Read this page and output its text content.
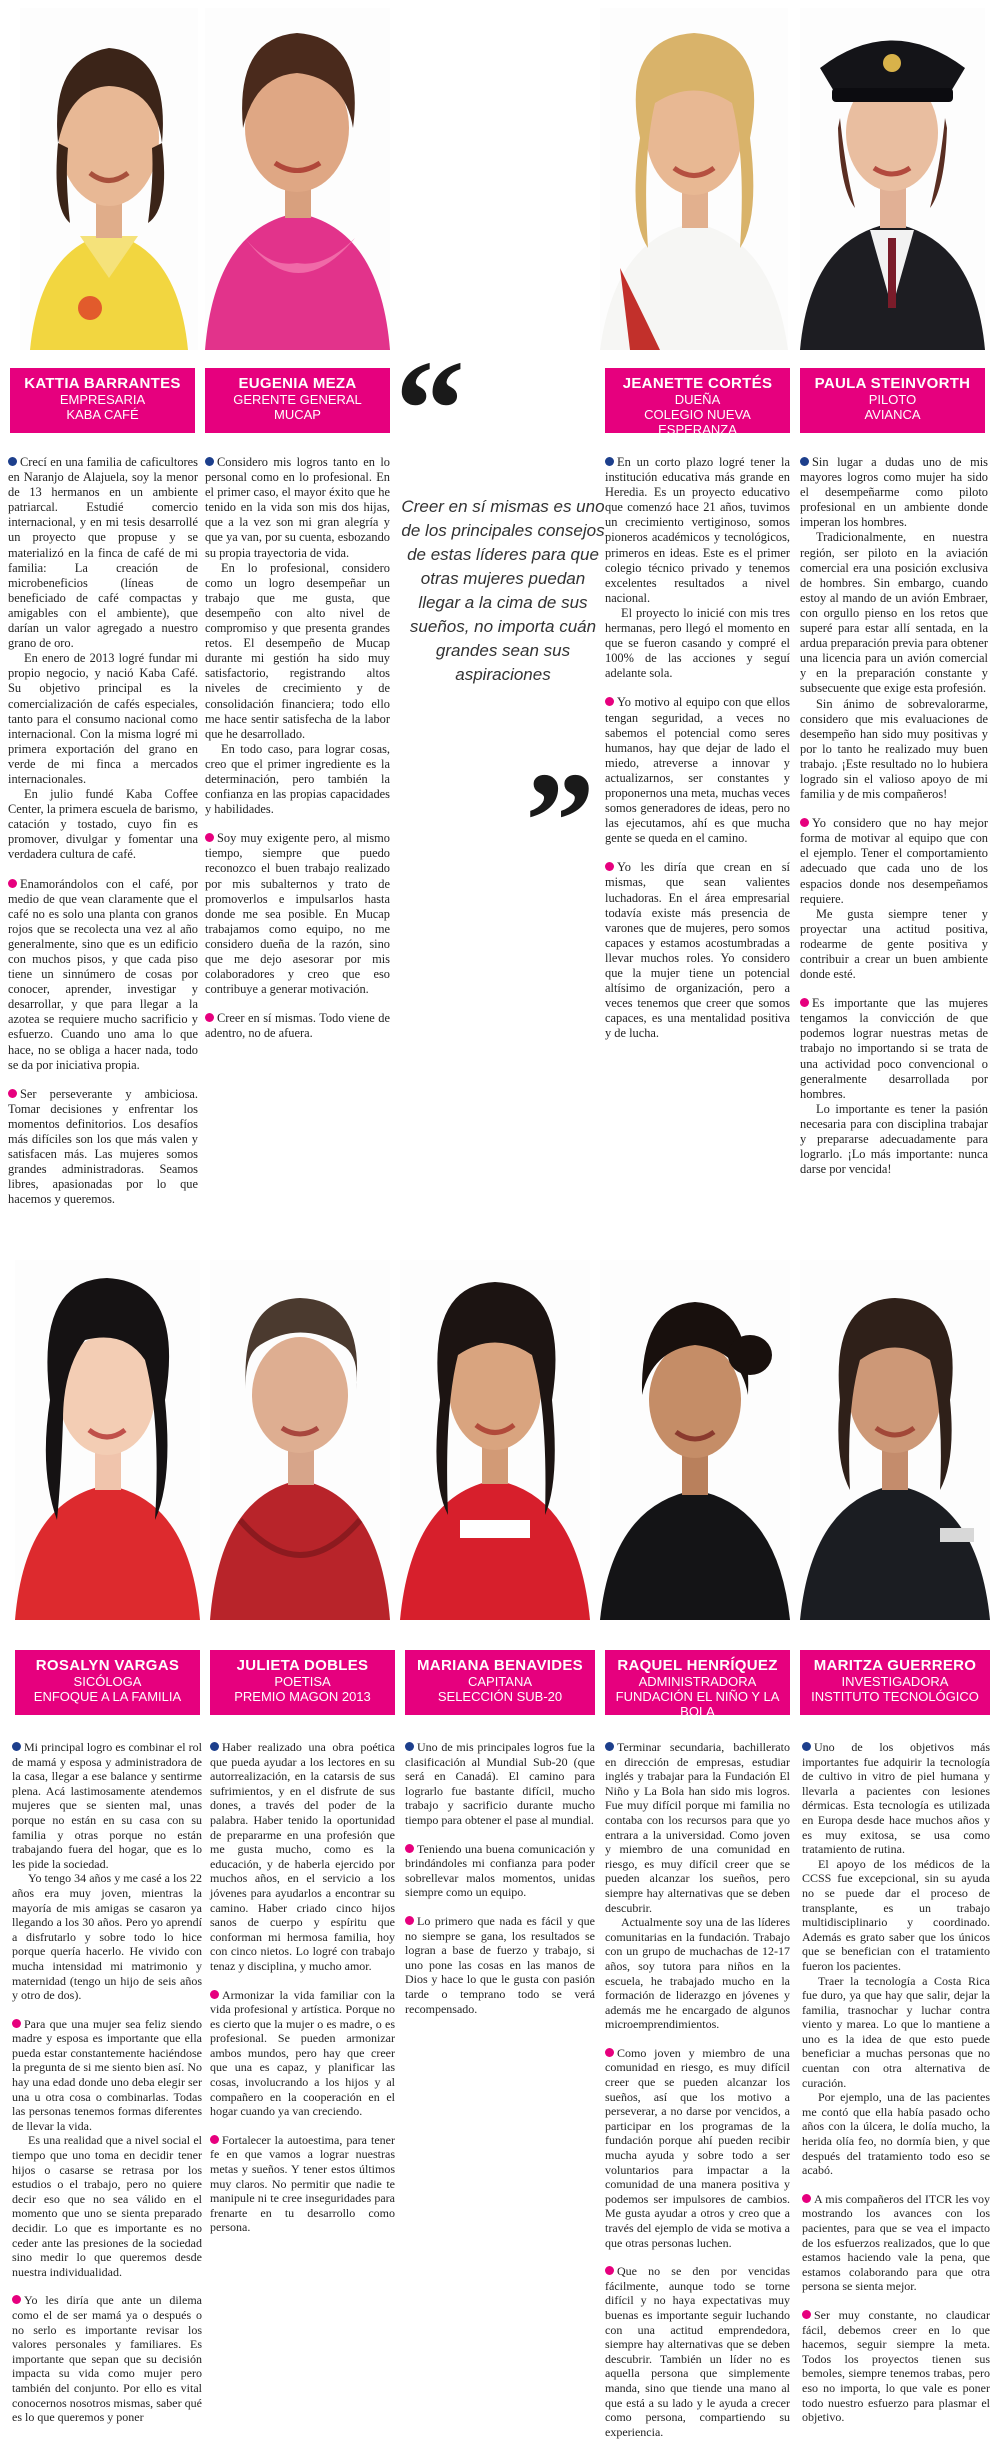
KATTIA BARRANTES
EMPRESARIA
KABA CAFÉ
EUGENIA MEZA
GERENTE GENERAL
MUCAP
JEANETTE CORTÉS
DUEÑA
COLEGIO NUEVA ESPERANZA
PAULA STEINVORTH
PILOTO
AVIANCA
“
Creer en sí mismas es uno de los principales consejos de estas líderes para que otras mujeres puedan llegar a la cima de sus sueños, no importa cuán grandes sean sus aspiraciones
”

Crecí en una familia de caficultores en Naranjo de Alajuela, soy la menor de 13 hermanos en un ambiente patriarcal. Estudié comercio internacional, y en mi tesis desarrollé un proyecto que propuse y se materializó en la finca de café de mi familia: La creación de microbeneficios (líneas de beneficiado de café compactas y amigables con el ambiente), que darían un valor agregado a nuestro grano de oro.

En enero de 2013 logré fundar mi propio negocio, y nació Kaba Café. Su objetivo principal es la comercialización de cafés especiales, tanto para el consumo nacional como internacional. Con la misma logré mi primera exportación del grano en verde de mi finca a mercados internacionales.

En julio fundé Kaba Coffee Center, la primera escuela de barismo, catación y tostado, cuyo fin es promover, divulgar y fomentar una verdadera cultura de café.

Enamorándolos con el café, por medio de que vean claramente que el café no es solo una planta con granos rojos que se recolecta una vez al año generalmente, sino que es un edificio con muchos pisos, y que cada piso tiene un sinnúmero de cosas por conocer, aprender, investigar y desarrollar, y que para llegar a la azotea se requiere mucho sacrificio y esfuerzo. Cuando uno ama lo que hace, no se obliga a hacer nada, todo se da por iniciativa propia.

Ser perseverante y ambiciosa. Tomar decisiones y enfrentar los momentos definitorios. Los desafíos más difíciles son los que más valen y satisfacen más. Las mujeres somos grandes administradoras. Seamos libres, apasionadas por lo que hacemos y queremos.

Considero mis logros tanto en lo personal como en lo profesional. En el primer caso, el mayor éxito que he tenido en la vida son mis dos hijas, que a la vez son mi gran alegría y que ya van, por su cuenta, esbozando su propia trayectoria de vida.

En lo profesional, considero como un logro desempeñar un trabajo que me gusta, que desempeño con alto nivel de compromiso y que presenta grandes retos. El desempeño de Mucap durante mi gestión ha sido muy satisfactorio, registrando altos niveles de crecimiento y de consolidación financiera; todo ello me hace sentir satisfecha de la labor que he desarrollado.

En todo caso, para lograr cosas, creo que el primer ingrediente es la determinación, pero también la confianza en las propias capacidades y habilidades.

Soy muy exigente pero, al mismo tiempo, siempre que puedo reconozco el buen trabajo realizado por mis subalternos y trato de promoverlos e impulsarlos hasta donde me sea posible. En Mucap trabajamos como equipo, no me considero dueña de la razón, sino que me dejo asesorar por mis colaboradores y creo que eso contribuye a generar motivación.

Creer en sí mismas. Todo viene de adentro, no de afuera.

En un corto plazo logré tener la institución educativa más grande en Heredia. Es un proyecto educativo que comenzó hace 21 años, tuvimos un crecimiento vertiginoso, somos pioneros académicos y tecnológicos, primeros en ideas. Este es el primer colegio técnico privado y tenemos excelentes resultados a nivel nacional.

El proyecto lo inicié con mis tres hermanas, pero llegó el momento en que se fueron casando y compré el 100% de las acciones y seguí adelante sola.

Yo motivo al equipo con que ellos tengan seguridad, a veces no sabemos el potencial como seres humanos, hay que dejar de lado el miedo, atreverse a innovar y actualizarnos, ser constantes y proponernos una meta, muchas veces somos generadores de ideas, pero no las ejecutamos, ahí es que mucha gente se queda en el camino.

Yo les diría que crean en sí mismas, que sean valientes luchadoras. En el área empresarial todavía existe más presencia de varones que de mujeres, pero somos capaces y estamos acostumbradas a llevar muchos roles. Yo considero que la mujer tiene un potencial altísimo de organización, pero a veces tenemos que creer que somos capaces, es una mentalidad positiva y de lucha.

Sin lugar a dudas uno de mis mayores logros como mujer ha sido el desempeñarme como piloto profesional en un ambiente donde imperan los hombres.

Tradicionalmente, en nuestra región, ser piloto en la aviación comercial era una posición exclusiva de hombres. Sin embargo, cuando estoy al mando de un avión Embraer, con orgullo pienso en los retos que superé para estar allí sentada, en la ardua preparación previa para obtener una licencia para un avión comercial y en la preparación constante y subsecuente que exige esta profesión.

Sin ánimo de sobrevalorarme, considero que mis evaluaciones de desempeño han sido muy positivas y por lo tanto he realizado muy buen trabajo. ¡Este resultado no lo hubiera logrado sin el valioso apoyo de mi familia y de mis compañeros!

Yo considero que no hay mejor forma de motivar al equipo que con el ejemplo. Tener el comportamiento adecuado que cada uno de los espacios donde nos desempeñamos requiere.

Me gusta siempre tener y proyectar una actitud positiva, rodearme de gente positiva y contribuir a crear un buen ambiente donde esté.

Es importante que las mujeres tengamos la convicción de que podemos lograr nuestras metas de trabajo no importando si se trata de una actividad poco convencional o generalmente desarrollada por hombres.

Lo importante es tener la pasión necesaria para con disciplina trabajar y prepararse adecuadamente para lograrlo. ¡Lo más importante: nunca darse por vencida!

ROSALYN VARGAS
SICÓLOGA
ENFOQUE A LA FAMILIA
JULIETA DOBLES
POETISA
PREMIO MAGON 2013
MARIANA BENAVIDES
CAPITANA
SELECCIÓN SUB-20
RAQUEL HENRÍQUEZ
ADMINISTRADORA
FUNDACIÓN EL NIÑO Y LA BOLA
MARITZA GUERRERO
INVESTIGADORA
INSTITUTO TECNOLÓGICO

Mi principal logro es combinar el rol de mamá y esposa y administradora de la casa, llegar a ese balance y sentirme plena. Acá lastimosamente atendemos mujeres que se sienten mal, unas porque no están en su casa con su familia y otras porque no están trabajando fuera del hogar, que es lo les pide la sociedad.

Yo tengo 34 años y me casé a los 22 años era muy joven, mientras la mayoría de mis amigas se casaron ya llegando a los 30 años. Pero yo aprendí a disfrutarlo y sobre todo lo hice porque quería hacerlo. He vivido con mucha intensidad mi matrimonio y maternidad (tengo un hijo de seis años y otro de dos).

Para que una mujer sea feliz siendo madre y esposa es importante que ella pueda estar constantemente haciéndose la pregunta de si me siento bien así. No hay una edad donde uno deba elegir ser una u otra cosa o combinarlas. Todas las personas tenemos formas diferentes de llevar la vida.

Es una realidad que a nivel social el tiempo que uno toma en decidir tener hijos o casarse se retrasa por los estudios o el trabajo, pero no quiere decir eso que no sea válido en el momento que uno se sienta preparado decidir. Lo que es importante es no ceder ante las presiones de la sociedad sino medir lo que queremos desde nuestra individualidad.

Yo les diría que ante un dilema como el de ser mamá ya o después o no serlo es importante revisar los valores personales y familiares. Es importante que sepan que su decisión impacta su vida como mujer pero también del conjunto. Por ello es vital conocernos nosotros mismas, saber qué es lo que queremos y poner

Haber realizado una obra poética que pueda ayudar a los lectores en su autorrealización, en la catarsis de sus sufrimientos, y en el disfrute de sus dones, a través del poder de la palabra. Haber tenido la oportunidad de prepararme en una profesión que me gusta mucho, como es la educación, y de haberla ejercido por muchos años, en el servicio a los jóvenes para ayudarlos a encontrar su camino. Haber criado cinco hijos sanos de cuerpo y espíritu que conforman mi hermosa familia, hoy con cinco nietos. Lo logré con trabajo tenaz y disciplina, y mucho amor.

Armonizar la vida familiar con la vida profesional y artística. Porque no es cierto que la mujer o es madre, o es profesional. Se pueden armonizar ambos mundos, pero hay que creer que una es capaz, y planificar las cosas, involucrando a los hijos y al compañero en la cooperación en el hogar cuando ya van creciendo.

Fortalecer la autoestima, para tener fe en que vamos a lograr nuestras metas y sueños. Y tener estos últimos muy claros. No permitir que nadie te manipule ni te cree inseguridades para frenarte en tu desarrollo como persona.

Uno de mis principales logros fue la clasificación al Mundial Sub-20 (que será en Canadá). El camino para lograrlo fue bastante difícil, mucho trabajo y sacrificio durante mucho tiempo para obtener el pase al mundial.

Teniendo una buena comunicación y brindándoles mi confianza para poder sobrellevar malos momentos, unidas siempre como un equipo.

Lo primero que nada es fácil y que no siempre se gana, los resultados se logran a base de fuerzo y trabajo, si uno pone las cosas en las manos de Dios y hace lo que le gusta con pasión tarde o temprano todo se verá recompensado.

Terminar secundaria, bachillerato en dirección de empresas, estudiar inglés y trabajar para la Fundación El Niño y La Bola han sido mis logros. Fue muy difícil porque mi familia no contaba con los recursos para que yo entrara a la universidad. Como joven y miembro de una comunidad en riesgo, es muy difícil creer que se pueden alcanzar los sueños, pero siempre hay alternativas que se deben descubrir.

Actualmente soy una de las líderes comunitarias en la fundación. Trabajo con un grupo de muchachas de 12-17 años, soy tutora para niños en la escuela, he trabajado mucho en la formación de liderazgo en jóvenes y además me he encargado de algunos microemprendimientos.

Como joven y miembro de una comunidad en riesgo, es muy difícil creer que se pueden alcanzar los sueños, así que los motivo a perseverar, a no darse por vencidos, a participar en los programas de la fundación porque ahí pueden recibir mucha ayuda y sobre todo a ser voluntarios para impactar a la comunidad de una manera positiva y podemos ser impulsores de cambios. Me gusta ayudar a otros y creo que a través del ejemplo de vida se motiva a que otras personas luchen.

Que no se den por vencidas fácilmente, aunque todo se torne difícil y no haya expectativas muy buenas es importante seguir luchando con una actitud emprendedora, siempre hay alternativas que se deben descubrir. También un líder no es aquella persona que simplemente manda, sino que tiende una mano al que está a su lado y le ayuda a crecer como persona, compartiendo su experiencia.

Uno de los objetivos más importantes fue adquirir la tecnología de cultivo in vitro de piel humana y llevarla a pacientes con lesiones dérmicas. Esta tecnología es utilizada en Europa desde hace muchos años y es muy exitosa, se usa como tratamiento de rutina.

El apoyo de los médicos de la CCSS fue excepcional, sin su ayuda no se puede dar el proceso de transplante, es un trabajo multidisciplinario y coordinado. Además es grato saber que los únicos que se benefician con el tratamiento fueron los pacientes.

Traer la tecnología a Costa Rica fue duro, ya que hay que salir, dejar la familia, trasnochar y luchar contra viento y marea. Lo que lo mantiene a uno es la idea de que esto puede beneficiar a muchas personas que no cuentan con otra alternativa de curación.

Por ejemplo, una de las pacientes me contó que ella había pasado ocho años con la úlcera, le dolía mucho, la herida olía feo, no dormía bien, y que después del tratamiento todo eso se acabó.

A mis compañeros del ITCR les voy mostrando los avances con los pacientes, para que se vea el impacto de los esfuerzos realizados, que lo que estamos haciendo vale la pena, que estamos colaborando para que otra persona se sienta mejor.

Ser muy constante, no claudicar fácil, debemos creer en lo que hacemos, seguir siempre la meta. Todos los proyectos tienen sus bemoles, siempre tenemos trabas, pero eso no importa, lo que vale es poner todo nuestro esfuerzo para plasmar el objetivo.
